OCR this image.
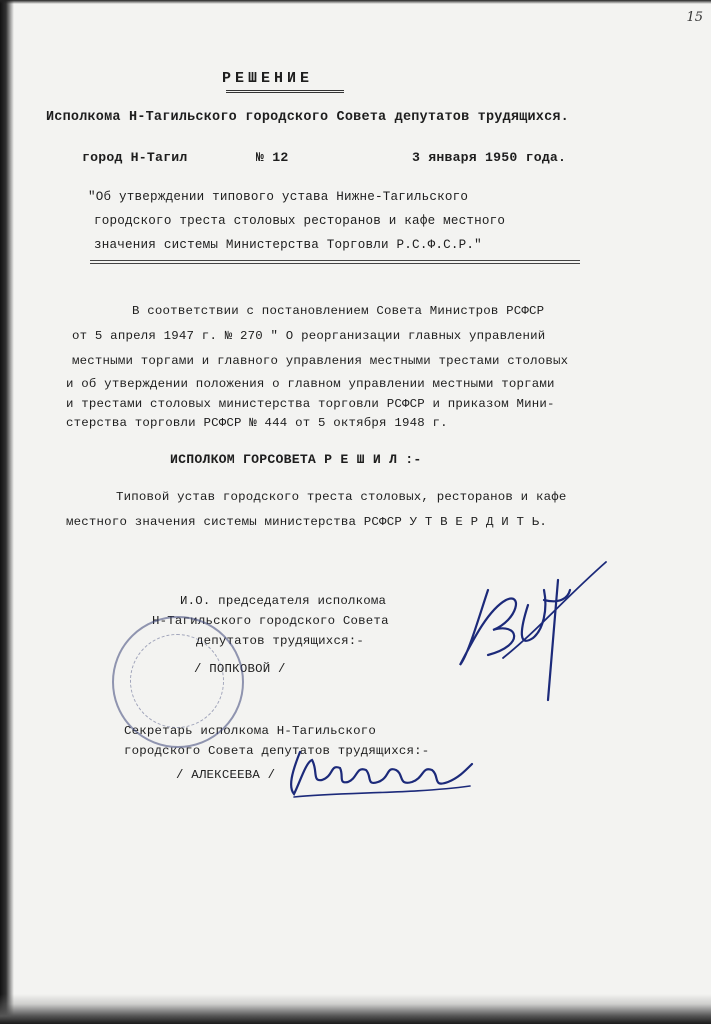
15
РЕШЕНИЕ
Исполкома Н-Тагильского городского Совета депутатов трудящихся.
город Н-Тагил	№ 12	3 января 1950 года.
"Об утверждении типового устава Нижне-Тагильского
городского треста столовых ресторанов и кафе местного
значения системы Министерства Торговли Р.С.Ф.С.Р."
В соответствии с постановлением Совета Министров РСФСР
от 5 апреля 1947 г. № 270 " О реорганизации главных управлений
местными торгами и главного управления местными трестами столовых
и об утверждении положения о главном управлении местными торгами
и трестами столовых министерства торговли РСФСР и приказом Мини-
стерства торговли РСФСР № 444 от 5 октября 1948 г.
ИСПОЛКОМ ГОРСОВЕТА Р Е Ш И Л :-
Типовой устав городского треста столовых, ресторанов и кафе
местного значения системы министерства РСФСР У Т В Е Р Д И Т Ь.
И.О. председателя исполкома
Н-Тагильского городского Совета
депутатов трудящихся:-
/ ПОПКОВОЙ /
Секретарь исполкома Н-Тагильского
городского Совета депутатов трудящихся:-
/ АЛЕКСЕЕВА /
